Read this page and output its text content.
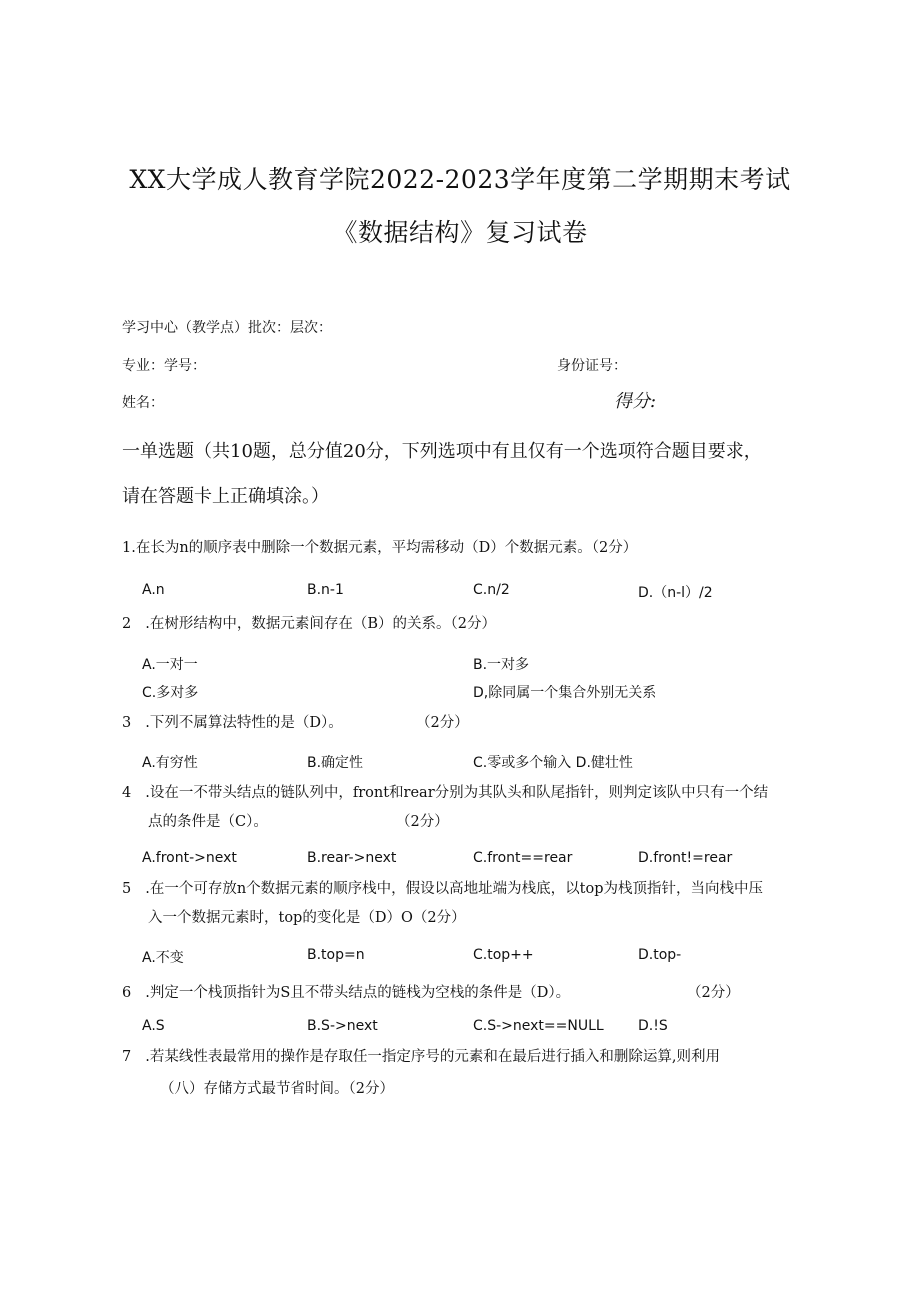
XX大学成人教育学院2022-2023学年度第二学期期末考试
《数据结构》复习试卷
学习中心（教学点）批次：层次：
专业：学号：	身份证号：
姓名：	得分:
一单选题（共10题，总分值20分，下列选项中有且仅有一个选项符合题目要求，
请在答题卡上正确填涂。）
1.在长为n的顺序表中删除一个数据元素，平均需移动（D）个数据元素。（2分）
A.n	B.n-1	C.n/2	D.（n-l）/2
2 .在树形结构中，数据元素间存在（B）的关系。（2分）
A.一对一	B.一对多
C.多对多	D,除同属一个集合外别无关系
3 .下列不属算法特性的是（D）。	（2分）
A.有穷性	B.确定性	C.零或多个输入 D.健壮性
4 .设在一不带头结点的链队列中，front和rear分别为其队头和队尾指针，则判定该队中只有一个结
点的条件是（C）。	（2分）
A.front->next	B.rear->next	C.front==rear	D.front!=rear
5 .在一个可存放n个数据元素的顺序栈中，假设以高地址端为栈底，以top为栈顶指针，当向栈中压
入一个数据元素时，top的变化是（D）O（2分）
A.不变	B.top=n	C.top++	D.top-
6 .判定一个栈顶指针为S且不带头结点的链栈为空栈的条件是（D）。	（2分）
A.S	B.S->next	C.S->next==NULL D.!S
7 .若某线性表最常用的操作是存取任一指定序号的元素和在最后进行插入和删除运算,则利用
（八）存储方式最节省时间。（2分）
